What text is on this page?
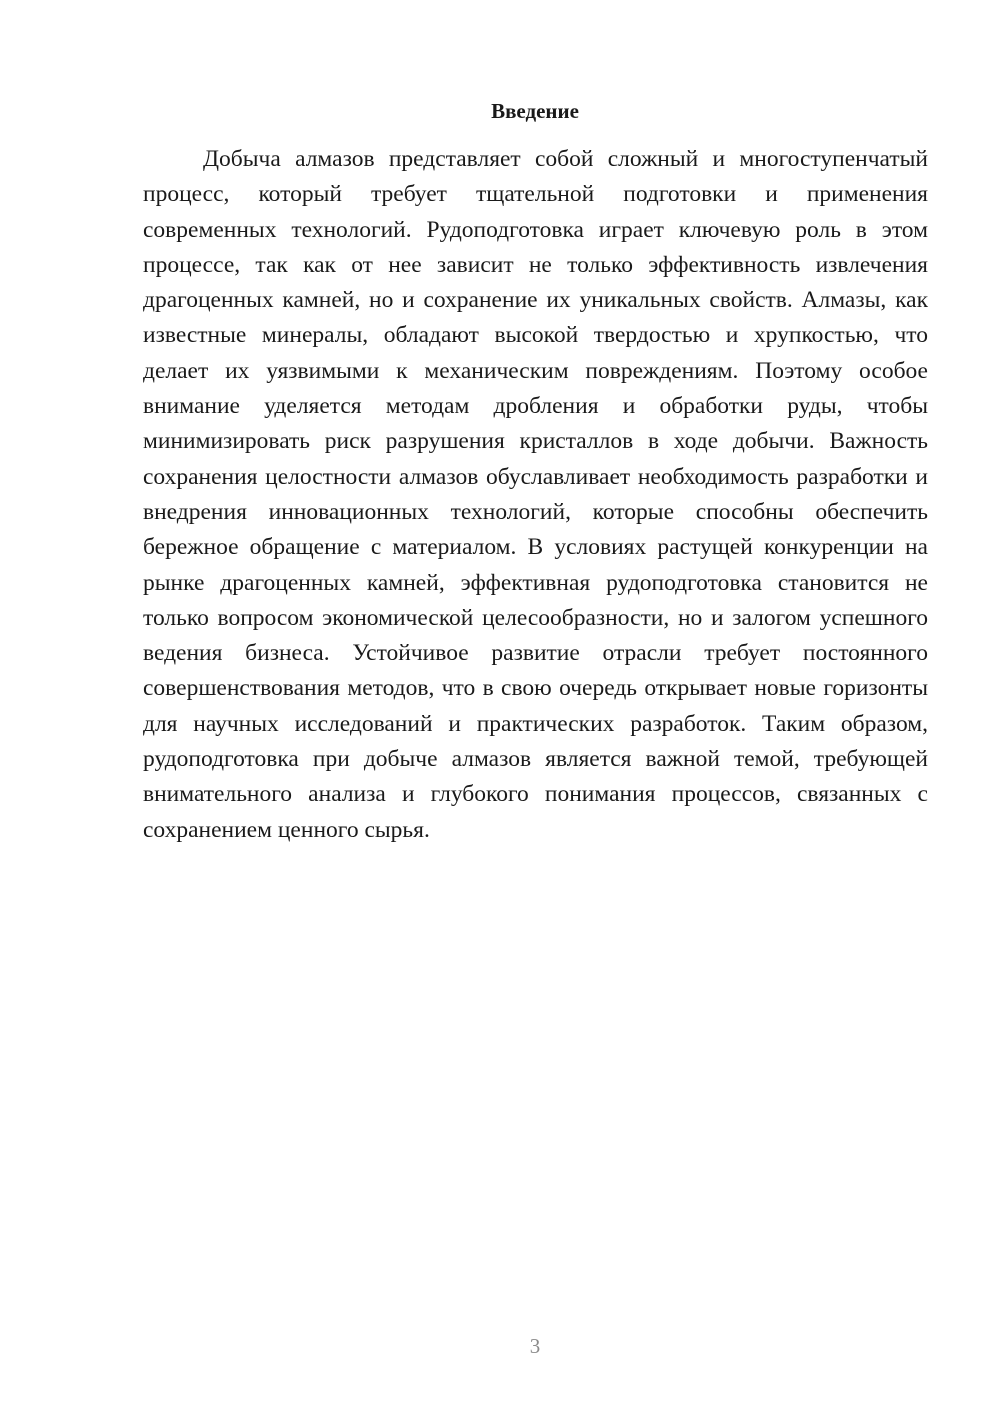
Введение

Добыча алмазов представляет собой сложный и многоступенчатый процесс, который требует тщательной подготовки и применения современных технологий. Рудоподготовка играет ключевую роль в этом процессе, так как от нее зависит не только эффективность извлечения драгоценных камней, но и сохранение их уникальных свойств. Алмазы, как известные минералы, обладают высокой твердостью и хрупкостью, что делает их уязвимыми к механическим повреждениям. Поэтому особое внимание уделяется методам дробления и обработки руды, чтобы минимизировать риск разрушения кристаллов в ходе добычи. Важность сохранения целостности алмазов обуславливает необходимость разработки и внедрения инновационных технологий, которые способны обеспечить бережное обращение с материалом. В условиях растущей конкуренции на рынке драгоценных камней, эффективная рудоподготовка становится не только вопросом экономической целесообразности, но и залогом успешного ведения бизнеса. Устойчивое развитие отрасли требует постоянного совершенствования методов, что в свою очередь открывает новые горизонты для научных исследований и практических разработок. Таким образом, рудоподготовка при добыче алмазов является важной темой, требующей внимательного анализа и глубокого понимания процессов, связанных с сохранением ценного сырья.

3
